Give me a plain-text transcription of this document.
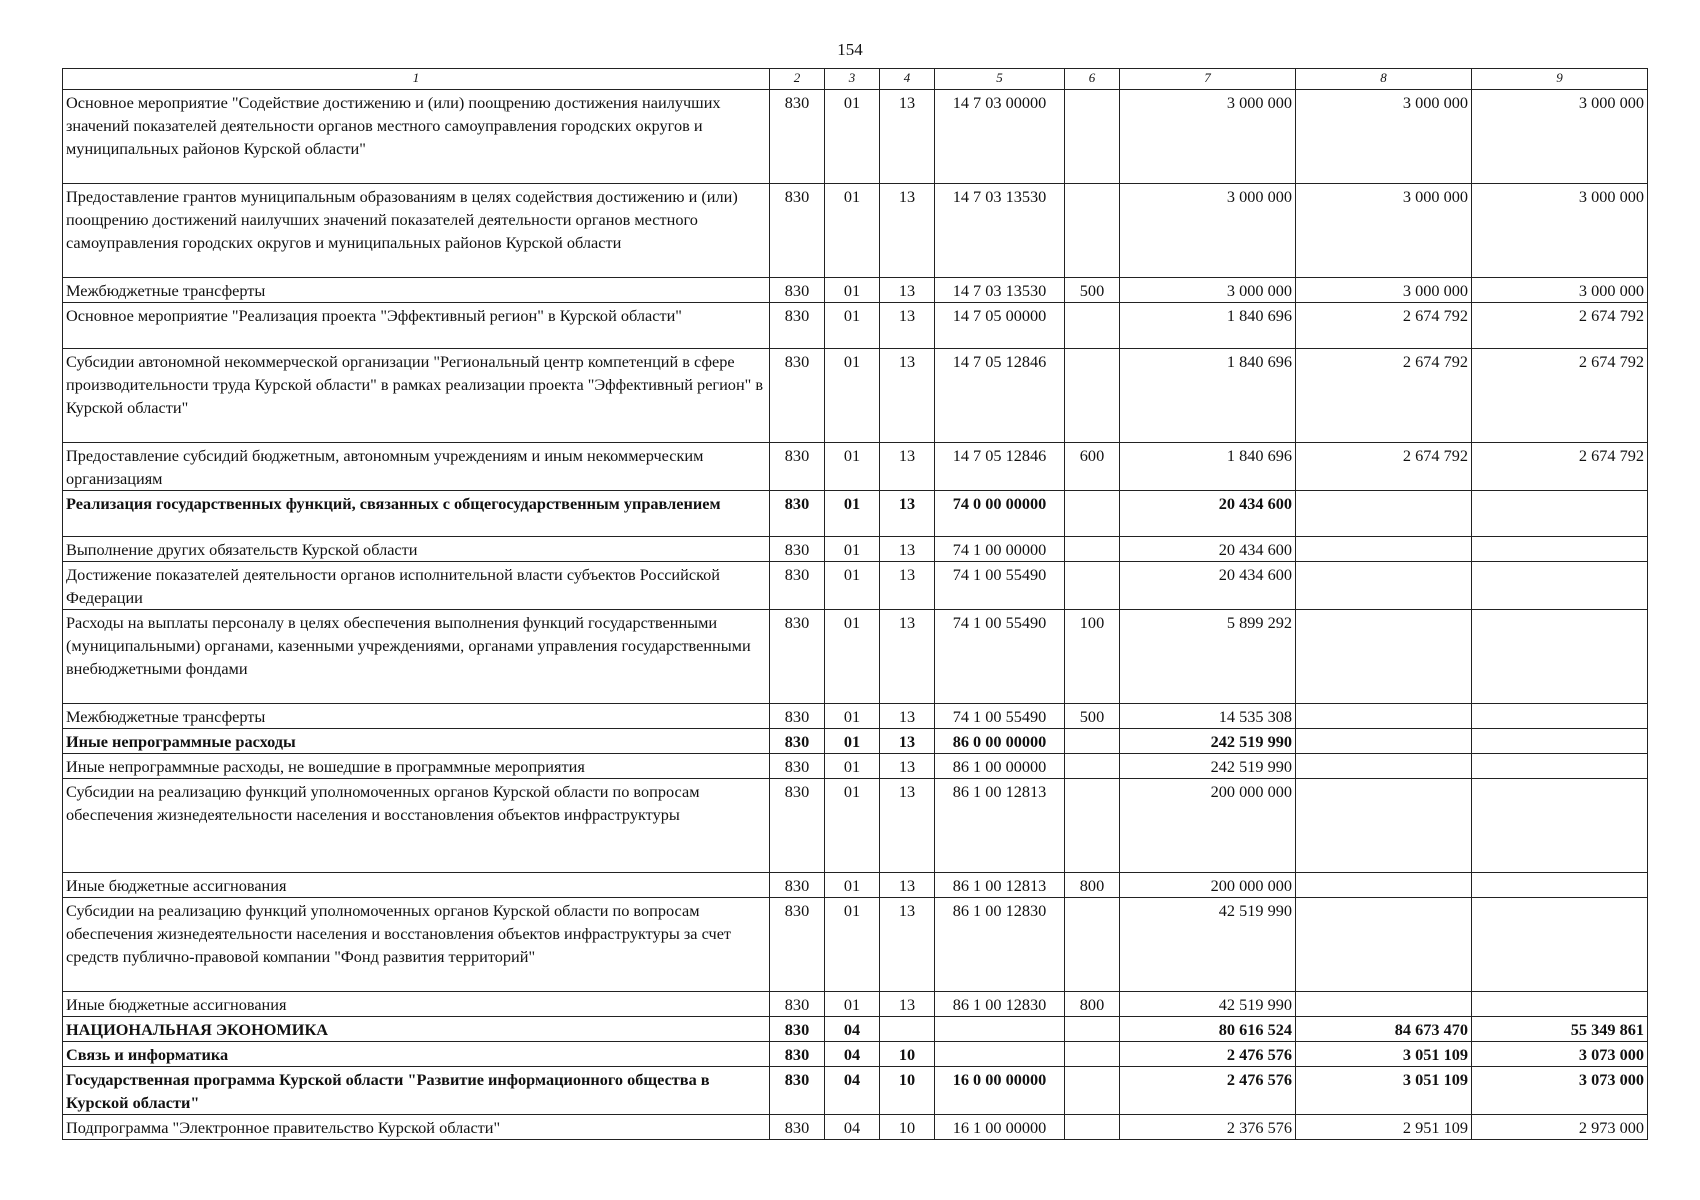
154
1	2	3	4	5	6	7	8	9
Основное мероприятие "Содействие достижению и (или) поощрению достижения наилучших значений показателей деятельности органов местного самоуправления городских округов и муниципальных районов Курской области"	830	01	13	14 7 03 00000		3 000 000	3 000 000	3 000 000
Предоставление грантов муниципальным образованиям в целях содействия достижению и (или) поощрению достижений наилучших значений показателей деятельности органов местного самоуправления городских округов и муниципальных районов Курской области	830	01	13	14 7 03 13530		3 000 000	3 000 000	3 000 000
Межбюджетные трансферты	830	01	13	14 7 03 13530	500	3 000 000	3 000 000	3 000 000
Основное мероприятие "Реализация проекта "Эффективный регион" в Курской области"	830	01	13	14 7 05 00000		1 840 696	2 674 792	2 674 792
Субсидии автономной некоммерческой организации "Региональный центр компетенций в сфере производительности труда Курской области" в рамках реализации проекта "Эффективный регион" в Курской области"	830	01	13	14 7 05 12846		1 840 696	2 674 792	2 674 792
Предоставление субсидий бюджетным, автономным учреждениям и иным некоммерческим организациям	830	01	13	14 7 05 12846	600	1 840 696	2 674 792	2 674 792
Реализация государственных функций, связанных с общегосударственным управлением	830	01	13	74 0 00 00000		20 434 600		
Выполнение других обязательств Курской области	830	01	13	74 1 00 00000		20 434 600		
Достижение показателей деятельности органов исполнительной власти субъектов Российской Федерации	830	01	13	74 1 00 55490		20 434 600		
Расходы на выплаты персоналу в целях обеспечения выполнения функций государственными (муниципальными) органами, казенными учреждениями, органами управления государственными внебюджетными фондами	830	01	13	74 1 00 55490	100	5 899 292		
Межбюджетные трансферты	830	01	13	74 1 00 55490	500	14 535 308		
Иные непрограммные расходы	830	01	13	86 0 00 00000		242 519 990		
Иные непрограммные расходы, не вошедшие в программные мероприятия	830	01	13	86 1 00 00000		242 519 990		
Субсидии на реализацию функций уполномоченных органов Курской области по вопросам обеспечения жизнедеятельности населения и восстановления объектов инфраструктуры	830	01	13	86 1 00 12813		200 000 000		
Иные бюджетные ассигнования	830	01	13	86 1 00 12813	800	200 000 000		
Субсидии на реализацию функций уполномоченных органов Курской области по вопросам обеспечения жизнедеятельности населения и восстановления объектов инфраструктуры за счет средств публично-правовой компании "Фонд развития территорий"	830	01	13	86 1 00 12830		42 519 990		
Иные бюджетные ассигнования	830	01	13	86 1 00 12830	800	42 519 990		
НАЦИОНАЛЬНАЯ ЭКОНОМИКА	830	04				80 616 524	84 673 470	55 349 861
Связь и информатика	830	04	10			2 476 576	3 051 109	3 073 000
Государственная программа Курской области "Развитие информационного общества в Курской области"	830	04	10	16 0 00 00000		2 476 576	3 051 109	3 073 000
Подпрограмма "Электронное правительство Курской области"	830	04	10	16 1 00 00000		2 376 576	2 951 109	2 973 000
